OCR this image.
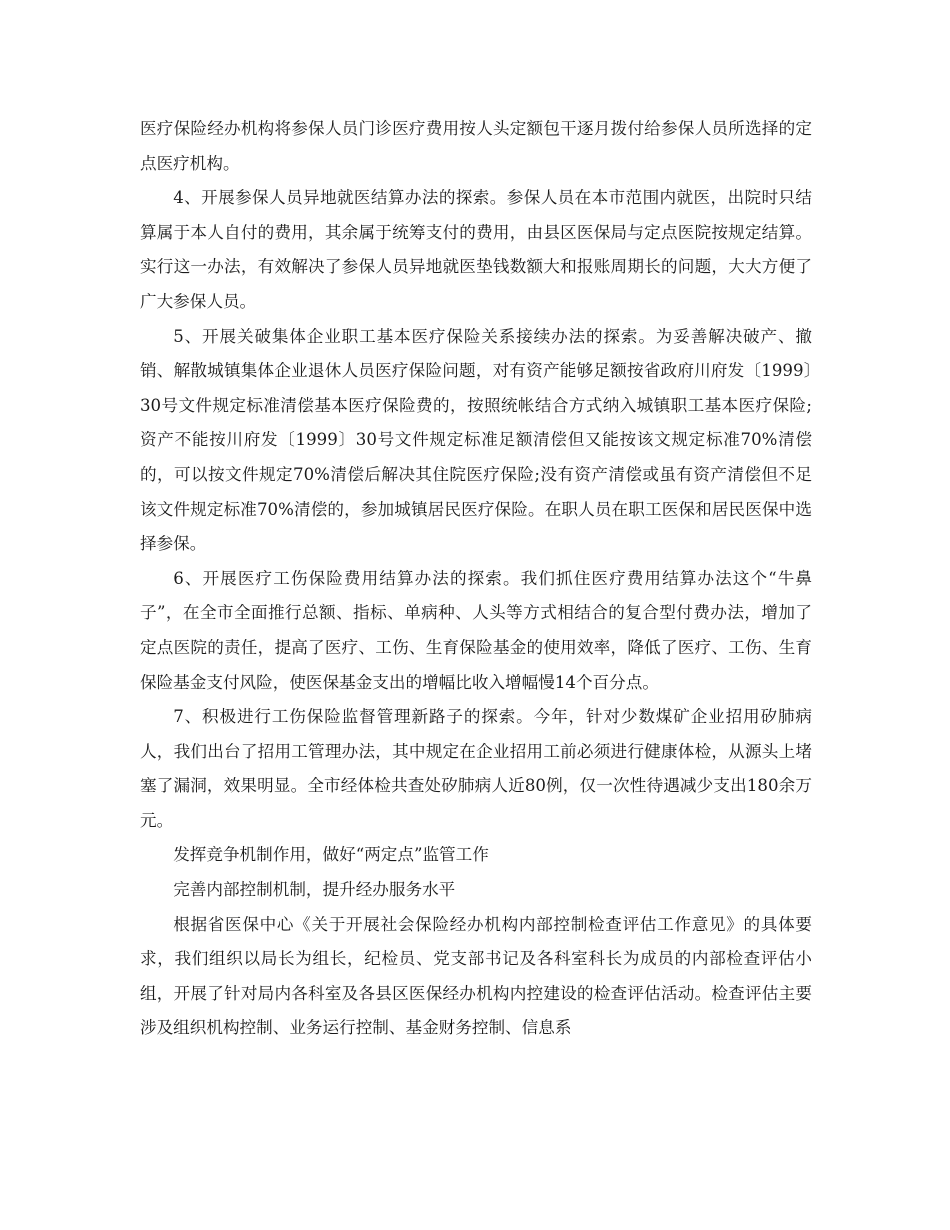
医疗保险经办机构将参保人员门诊医疗费用按人头定额包干逐月拨付给参保人员所选择的定点医疗机构。

4、开展参保人员异地就医结算办法的探索。参保人员在本市范围内就医，出院时只结算属于本人自付的费用，其余属于统筹支付的费用，由县区医保局与定点医院按规定结算。实行这一办法，有效解决了参保人员异地就医垫钱数额大和报账周期长的问题，大大方便了广大参保人员。

5、开展关破集体企业职工基本医疗保险关系接续办法的探索。为妥善解决破产、撤销、解散城镇集体企业退休人员医疗保险问题，对有资产能够足额按省政府川府发〔1999〕30号文件规定标准清偿基本医疗保险费的，按照统帐结合方式纳入城镇职工基本医疗保险;资产不能按川府发〔1999〕30号文件规定标准足额清偿但又能按该文规定标准70%清偿的，可以按文件规定70%清偿后解决其住院医疗保险;没有资产清偿或虽有资产清偿但不足该文件规定标准70%清偿的，参加城镇居民医疗保险。在职人员在职工医保和居民医保中选择参保。

6、开展医疗工伤保险费用结算办法的探索。我们抓住医疗费用结算办法这个“牛鼻子”，在全市全面推行总额、指标、单病种、人头等方式相结合的复合型付费办法，增加了定点医院的责任，提高了医疗、工伤、生育保险基金的使用效率，降低了医疗、工伤、生育保险基金支付风险，使医保基金支出的增幅比收入增幅慢14个百分点。

7、积极进行工伤保险监督管理新路子的探索。今年，针对少数煤矿企业招用矽肺病人，我们出台了招用工管理办法，其中规定在企业招用工前必须进行健康体检，从源头上堵塞了漏洞，效果明显。全市经体检共查处矽肺病人近80例，仅一次性待遇减少支出180余万元。

发挥竞争机制作用，做好“两定点”监管工作

完善内部控制机制，提升经办服务水平

根据省医保中心《关于开展社会保险经办机构内部控制检查评估工作意见》的具体要求，我们组织以局长为组长，纪检员、党支部书记及各科室科长为成员的内部检查评估小组，开展了针对局内各科室及各县区医保经办机构内控建设的检查评估活动。检查评估主要涉及组织机构控制、业务运行控制、基金财务控制、信息系
